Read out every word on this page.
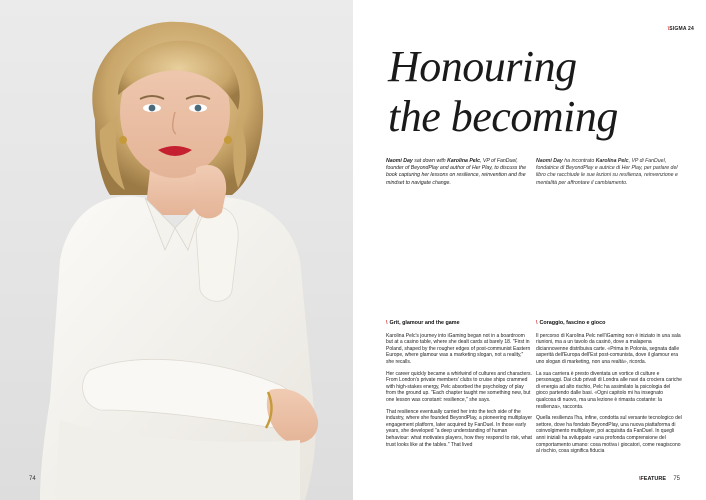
74
\SIGMA 24
Honouring
the becoming
Naomi Day sat down with Karolina Pelc, VP of FanDuel, founder of BeyondPlay and author of Her Play, to discuss the book capturing her lessons on resilience, reinvention and the mindset to navigate change.
Naomi Day ha incontrato Karolina Pelc, VP di FanDuel, fondatrice di BeyondPlay e autrice di Her Play, per parlare del libro che racchiude le sue lezioni su resilienza, reinvenzione e mentalità per affrontare il cambiamento.
\ Grit, glamour and the game

Karolina Pelc's journey into iGaming began not in a boardroom but at a casino table, where she dealt cards at barely 18. "First in Poland, shaped by the rougher edges of post-communist Eastern Europe, where glamour was a marketing slogan, not a reality," she recalls.

Her career quickly became a whirlwind of cultures and characters. From London's private members' clubs to cruise ships crammed with high-stakes energy, Pelc absorbed the psychology of play from the ground up. "Each chapter taught me something new, but one lesson was constant: resilience," she says.

That resilience eventually carried her into the tech side of the industry, where she founded BeyondPlay, a pioneering multiplayer engagement platform, later acquired by FanDuel. In those early years, she developed "a deep understanding of human behaviour: what motivates players, how they respond to risk, what trust looks like at the tables." That lived

\ Coraggio, fascino e gioco

Il percorso di Karolina Pelc nell'iGaming non è iniziato in una sala riunioni, ma a un tavolo da casinò, dove a malapena diciannovenne distribuiva carte. «Prima in Polonia, segnata dalle asperità dell'Europa dell'Est post-comunista, dove il glamour era uno slogan di marketing, non una realtà», ricorda.

La sua carriera è presto diventata un vortice di culture e personaggi. Dai club privati di Londra alle navi da crociera cariche di energia ad alto rischio, Pelc ha assimilato la psicologia del gioco partendo dalle basi. «Ogni capitolo mi ha insegnato qualcosa di nuovo, ma una lezione è rimasta costante: la resilienza», racconta.

Quella resilienza l'ha, infine, condotta sul versante tecnologico del settore, dove ha fondato BeyondPlay, una nuova piattaforma di coinvolgimento multiplayer, poi acquisita da FanDuel. In quegli anni iniziali ha sviluppato «una profonda comprensione del comportamento umano: cosa motiva i giocatori, come reagiscono al rischio, cosa significa fiducia

\FEATURE 75
